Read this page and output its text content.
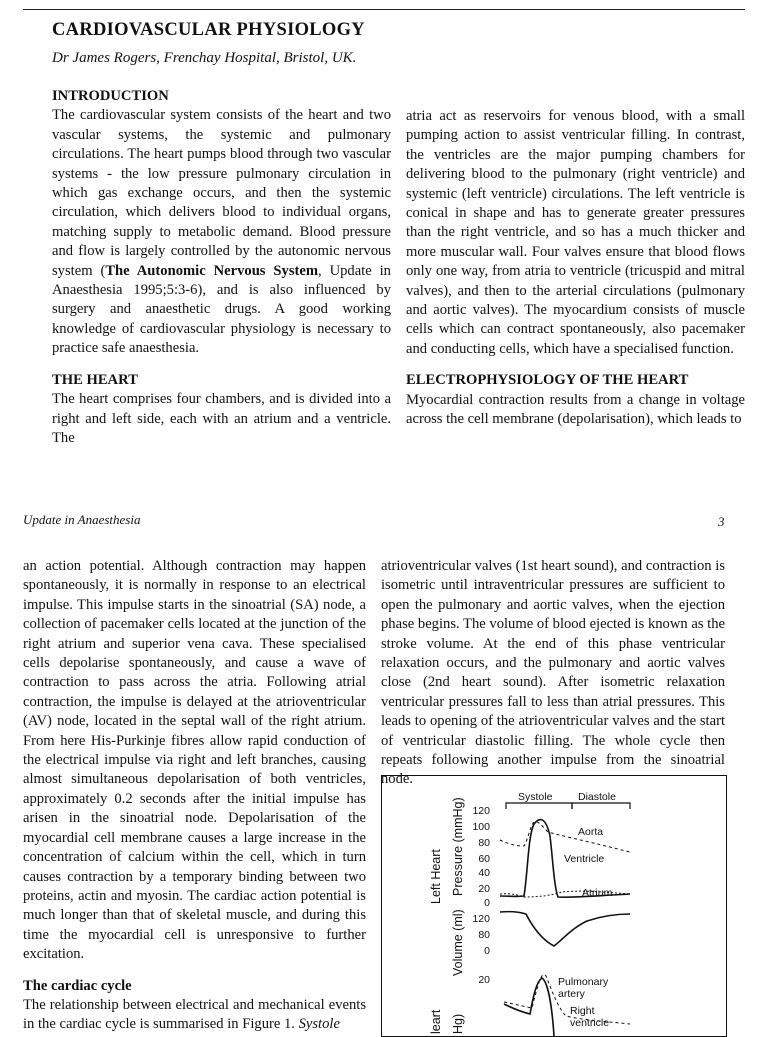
CARDIOVASCULAR PHYSIOLOGY
Dr James Rogers, Frenchay Hospital, Bristol, UK.

INTRODUCTION

The cardiovascular system consists of the heart and two vascular systems, the systemic and pulmonary circulations. The heart pumps blood through two vascular systems - the low pressure pulmonary circulation in which gas exchange occurs, and then the systemic circulation, which delivers blood to individual organs, matching supply to metabolic demand. Blood pressure and flow is largely controlled by the autonomic nervous system (The Autonomic Nervous System, Update in Anaesthesia 1995;5:3-6), and is also influenced by surgery and anaesthetic drugs. A good working knowledge of cardiovascular physiology is necessary to practice safe anaesthesia.

THE HEART

The heart comprises four chambers, and is divided into a right and left side, each with an atrium and a ventricle. The

atria act as reservoirs for venous blood, with a small pumping action to assist ventricular filling. In contrast, the ventricles are the major pumping chambers for delivering blood to the pulmonary (right ventricle) and systemic (left ventricle) circulations. The left ventricle is conical in shape and has to generate greater pressures than the right ventricle, and so has a much thicker and more muscular wall. Four valves ensure that blood flows only one way, from atria to ventricle (tricuspid and mitral valves), and then to the arterial circulations (pulmonary and aortic valves). The myocardium consists of muscle cells which can contract spontaneously, also pacemaker and conducting cells, which have a specialised function.

ELECTROPHYSIOLOGY OF THE HEART

Myocardial contraction results from a change in voltage across the cell membrane (depolarisation), which leads to

Update in Anaesthesia	3

an action potential. Although contraction may happen spontaneously, it is normally in response to an electrical impulse. This impulse starts in the sinoatrial (SA) node, a collection of pacemaker cells located at the junction of the right atrium and superior vena cava. These specialised cells depolarise spontaneously, and cause a wave of contraction to pass across the atria. Following atrial contraction, the impulse is delayed at the atrioventricular (AV) node, located in the septal wall of the right atrium. From here His-Purkinje fibres allow rapid conduction of the electrical impulse via right and left branches, causing almost simultaneous depolarisation of both ventricles, approximately 0.2 seconds after the initial impulse has arisen in the sinoatrial node. Depolarisation of the myocardial cell membrane causes a large increase in the concentration of calcium within the cell, which in turn causes contraction by a temporary binding between two proteins, actin and myosin. The cardiac action potential is much longer than that of skeletal muscle, and during this time the myocardial cell is unresponsive to further excitation.

The cardiac cycle

The relationship between electrical and mechanical events in the cardiac cycle is summarised in Figure 1. Systole

atrioventricular valves (1st heart sound), and contraction is isometric until intraventricular pressures are sufficient to open the pulmonary and aortic valves, when the ejection phase begins. The volume of blood ejected is known as the stroke volume. At the end of this phase ventricular relaxation occurs, and the pulmonary and aortic valves close (2nd heart sound). After isometric relaxation ventricular pressures fall to less than atrial pressures. This leads to opening of the atrioventricular valves and the start of ventricular diastolic filling. The whole cycle then repeats following another impulse from the sinoatrial node.

Systole Diastole
Left Heart Pressure (mmHg)
Volume (ml)
leart Hg)
120
100
80
60
40
20
0
120
80
0
20
Aorta
Ventricle
Atrium
Pulmonary
artery
Right
ventricle
